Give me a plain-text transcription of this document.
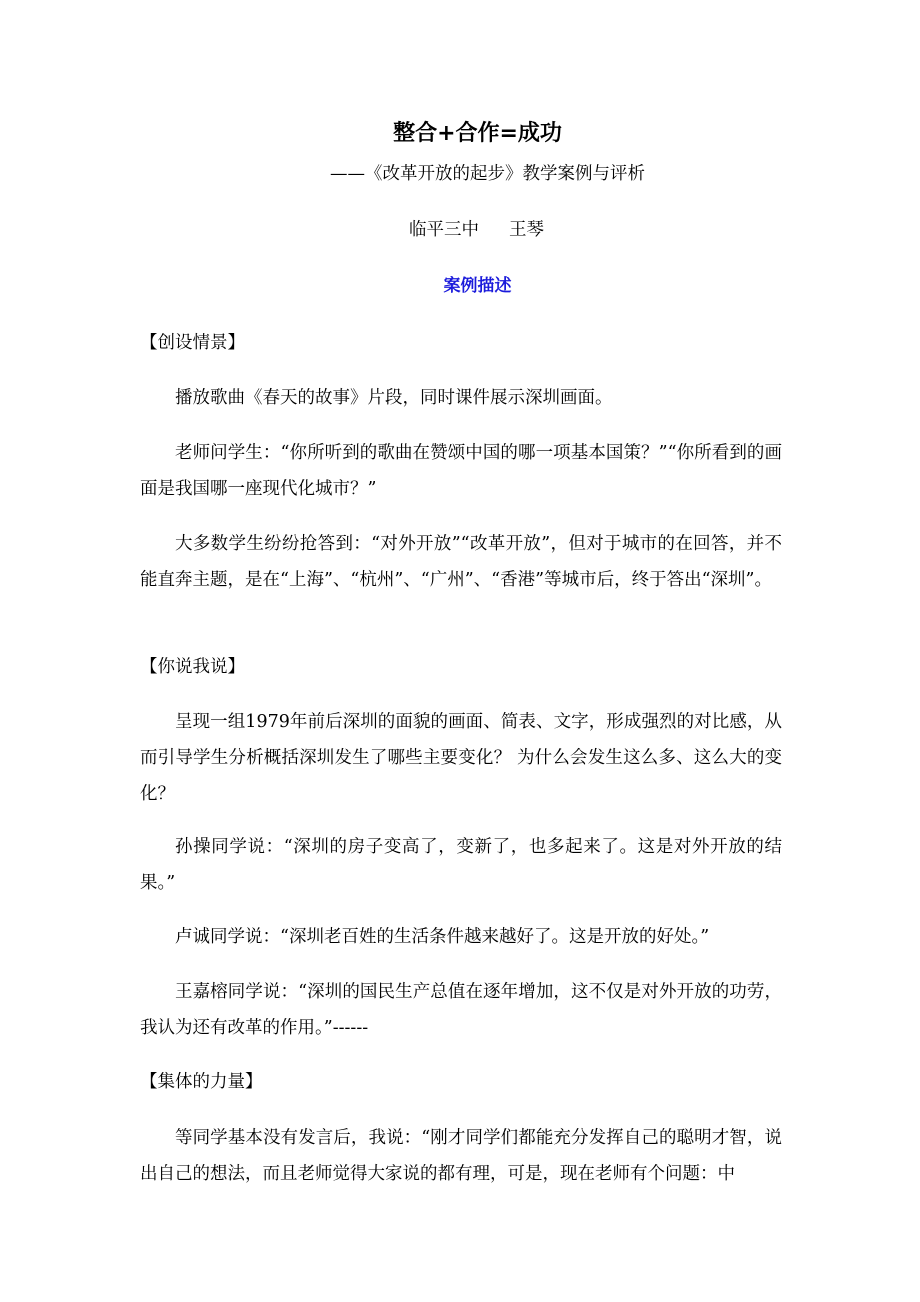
整合+合作=成功
——《改革开放的起步》教学案例与评析
临平三中 王琴
案例描述
【创设情景】
播放歌曲《春天的故事》片段，同时课件展示深圳画面。
老师问学生：“你所听到的歌曲在赞颂中国的哪一项基本国策？”“你所看到的画面是我国哪一座现代化城市？”
大多数学生纷纷抢答到：“对外开放”“改革开放”，但对于城市的在回答，并不能直奔主题，是在“上海”、“杭州”、“广州”、“香港”等城市后，终于答出“深圳”。
【你说我说】
呈现一组1979年前后深圳的面貌的画面、简表、文字，形成强烈的对比感，从而引导学生分析概括深圳发生了哪些主要变化？ 为什么会发生这么多、这么大的变化？
孙操同学说：“深圳的房子变高了，变新了，也多起来了。这是对外开放的结果。”
卢诚同学说：“深圳老百姓的生活条件越来越好了。这是开放的好处。”
王嘉榕同学说：“深圳的国民生产总值在逐年增加，这不仅是对外开放的功劳，我认为还有改革的作用。”------
【集体的力量】
等同学基本没有发言后，我说：“刚才同学们都能充分发挥自己的聪明才智，说出自己的想法，而且老师觉得大家说的都有理，可是，现在老师有个问题：中
